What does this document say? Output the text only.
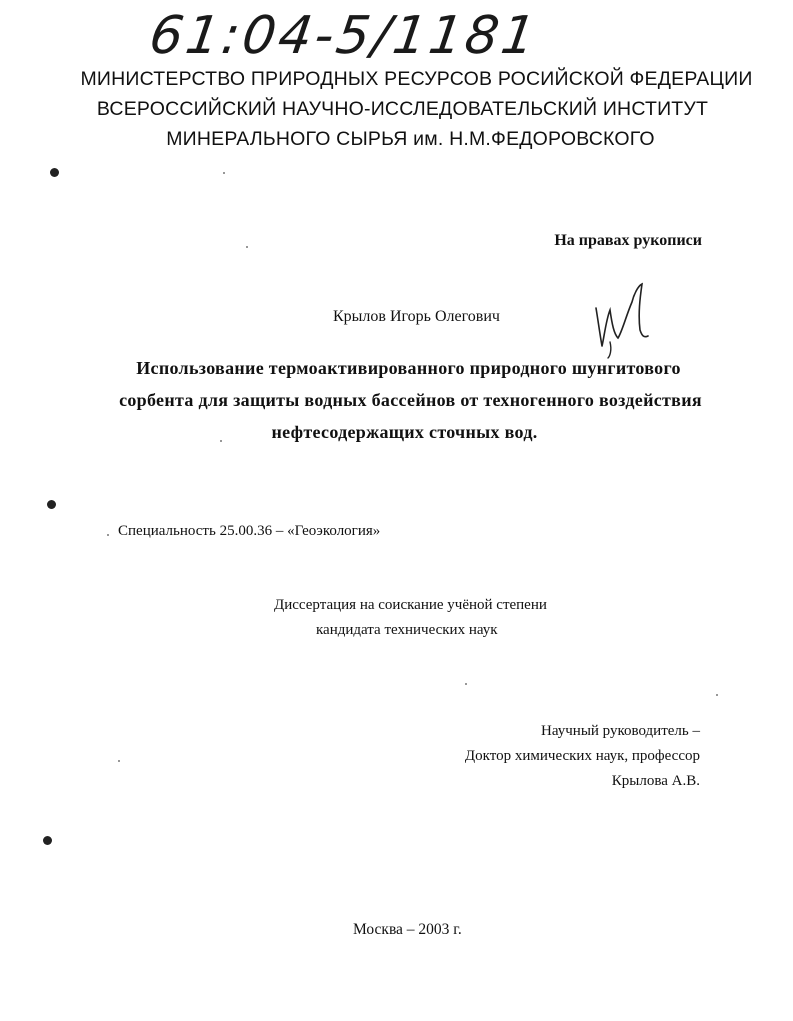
61:04-5/1181
МИНИСТЕРСТВО ПРИРОДНЫХ РЕСУРСОВ РОСИЙСКОЙ ФЕДЕРАЦИИ
ВСЕРОССИЙСКИЙ НАУЧНО-ИССЛЕДОВАТЕЛЬСКИЙ ИНСТИТУТ
МИНЕРАЛЬНОГО СЫРЬЯ им. Н.М.ФЕДОРОВСКОГО
На правах рукописи
Крылов Игорь Олегович
Использование термоактивированного природного шунгитового
сорбента для защиты водных бассейнов от техногенного воздействия
нефтесодержащих сточных вод.
Специальность 25.00.36 – «Геоэкология»
Диссертация на соискание учёной степени
кандидата технических наук
Научный руководитель –
Доктор химических наук, профессор
Крылова А.В.
Москва – 2003 г.
